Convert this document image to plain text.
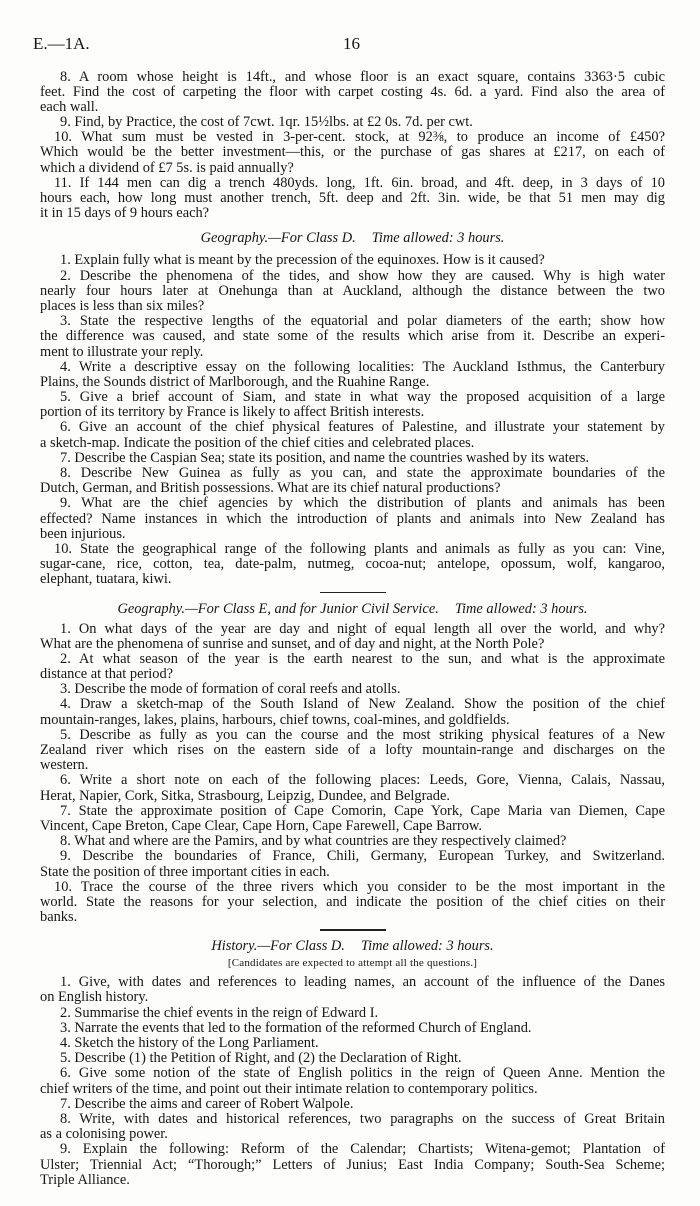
E.—1A.	16
8. A room whose height is 14ft., and whose floor is an exact square, contains 3363·5 cubic
feet. Find the cost of carpeting the floor with carpet costing 4s. 6d. a yard. Find also the area of
each wall.
9. Find, by Practice, the cost of 7cwt. 1qr. 15½lbs. at £2 0s. 7d. per cwt.
10. What sum must be vested in 3-per-cent. stock, at 92⅜, to produce an income of £450?
Which would be the better investment—this, or the purchase of gas shares at £217, on each of
which a dividend of £7 5s. is paid annually?
11. If 144 men can dig a trench 480yds. long, 1ft. 6in. broad, and 4ft. deep, in 3 days of 10
hours each, how long must another trench, 5ft. deep and 2ft. 3in. wide, be that 51 men may dig
it in 15 days of 9 hours each?
Geography.—For Class D. Time allowed: 3 hours.
1. Explain fully what is meant by the precession of the equinoxes. How is it caused?
2. Describe the phenomena of the tides, and show how they are caused. Why is high water
nearly four hours later at Onehunga than at Auckland, although the distance between the two
places is less than six miles?
3. State the respective lengths of the equatorial and polar diameters of the earth; show how
the difference was caused, and state some of the results which arise from it. Describe an experi-
ment to illustrate your reply.
4. Write a descriptive essay on the following localities: The Auckland Isthmus, the Canterbury
Plains, the Sounds district of Marlborough, and the Ruahine Range.
5. Give a brief account of Siam, and state in what way the proposed acquisition of a large
portion of its territory by France is likely to affect British interests.
6. Give an account of the chief physical features of Palestine, and illustrate your statement by
a sketch-map. Indicate the position of the chief cities and celebrated places.
7. Describe the Caspian Sea; state its position, and name the countries washed by its waters.
8. Describe New Guinea as fully as you can, and state the approximate boundaries of the
Dutch, German, and British possessions. What are its chief natural productions?
9. What are the chief agencies by which the distribution of plants and animals has been
effected? Name instances in which the introduction of plants and animals into New Zealand has
been injurious.
10. State the geographical range of the following plants and animals as fully as you can: Vine,
sugar-cane, rice, cotton, tea, date-palm, nutmeg, cocoa-nut; antelope, opossum, wolf, kangaroo,
elephant, tuatara, kiwi.
Geography.—For Class E, and for Junior Civil Service. Time allowed: 3 hours.
1. On what days of the year are day and night of equal length all over the world, and why?
What are the phenomena of sunrise and sunset, and of day and night, at the North Pole?
2. At what season of the year is the earth nearest to the sun, and what is the approximate
distance at that period?
3. Describe the mode of formation of coral reefs and atolls.
4. Draw a sketch-map of the South Island of New Zealand. Show the position of the chief
mountain-ranges, lakes, plains, harbours, chief towns, coal-mines, and goldfields.
5. Describe as fully as you can the course and the most striking physical features of a New
Zealand river which rises on the eastern side of a lofty mountain-range and discharges on the
western.
6. Write a short note on each of the following places: Leeds, Gore, Vienna, Calais, Nassau,
Herat, Napier, Cork, Sitka, Strasbourg, Leipzig, Dundee, and Belgrade.
7. State the approximate position of Cape Comorin, Cape York, Cape Maria van Diemen, Cape
Vincent, Cape Breton, Cape Clear, Cape Horn, Cape Farewell, Cape Barrow.
8. What and where are the Pamirs, and by what countries are they respectively claimed?
9. Describe the boundaries of France, Chili, Germany, European Turkey, and Switzerland.
State the position of three important cities in each.
10. Trace the course of the three rivers which you consider to be the most important in the
world. State the reasons for your selection, and indicate the position of the chief cities on their
banks.
History.—For Class D. Time allowed: 3 hours.
[Candidates are expected to attempt all the questions.]
1. Give, with dates and references to leading names, an account of the influence of the Danes
on English history.
2. Summarise the chief events in the reign of Edward I.
3. Narrate the events that led to the formation of the reformed Church of England.
4. Sketch the history of the Long Parliament.
5. Describe (1) the Petition of Right, and (2) the Declaration of Right.
6. Give some notion of the state of English politics in the reign of Queen Anne. Mention the
chief writers of the time, and point out their intimate relation to contemporary politics.
7. Describe the aims and career of Robert Walpole.
8. Write, with dates and historical references, two paragraphs on the success of Great Britain
as a colonising power.
9. Explain the following: Reform of the Calendar; Chartists; Witena-gemot; Plantation of
Ulster; Triennial Act; “Thorough;” Letters of Junius; East India Company; South-Sea Scheme;
Triple Alliance.
